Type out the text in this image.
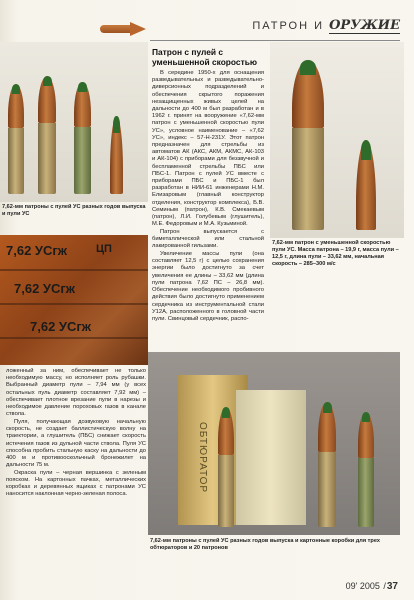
ПАТРОН И ОРУЖИЕ
7,62-мм патроны с пулей УС разных годов выпуска и пули УС
Патрон с пулей с уменьшенной скоростью

В середине 1950-х для оснащения разведывательных и разведывательно-диверсионных подразделений и обеспечения скрытого поражения незащищенных живых целей на дальности до 400 м был разработан и в 1962 г. принят на вооружение «7,62-мм патрон с уменьшенной скоростью пули УС», условное наименование – «7,62 УС», индекс – 57-Н-231У. Этот патрон предназначен для стрельбы из автоматов АК (АКС, АКМ, АКМС, АК-103 и АК-104) с приборами для беззвучной и беспламенной стрельбы ПБС или ПБС-1. Патрон с пулей УС вместе с приборами ПБС и ПБС-1 был разработан в НИИ-61 инженерами Н.М. Елизаровым (главный конструктор отделения, конструктор комплекса), Б.В. Семиным (патрон), К.В. Смекаевым (патрон), Л.И. Голубевым (глушитель), М.Е. Федоровым и М.А. Кузьминой.

Патрон выпускается с биметаллической или стальной лакированной гильзами.

Увеличение массы пули (она составляет 12,5 г) с целью сохранения энергии было достигнуто за счет увеличения ее длины – 33,62 мм (длина пули патрона 7,62 ПС – 26,8 мм). Обеспечение необходимого пробивного действия было достигнуто применением сердечника из инструментальной стали У12А, расположенного в головной части пули. Свинцовый сердечник, распо-

7,62-мм патрон с уменьшенной скоростью пули УС. Масса патрона – 19,9 г, масса пули – 12,5 г, длина пули – 33,62 мм, начальная скорость – 285–300 м/с
7,62 УСгж	ЦП
7,62 УСгж
7,62 УСгж

ложенный за ним, обеспечивает не только необходимую массу, но исполняет роль рубашки. Выбранный диаметр пули – 7,94 мм (у всех остальных пуль диаметр составляет 7,92 мм) – обеспечивает плотное врезание пули в нарезы и необходимое давление пороховых газов в канале ствола.

Пуля, получающая дозвуковую начальную скорость, не создает баллистическую волну на траектории, а глушитель (ПБС) снижает скорость истечения газов из дульной части ствола. Пуля УС способна пробить стальную каску на дальности до 400 м и противооскольчный бронежилет на дальности 75 м.

Окраска пули – черная вершинка с зеленым пояском. На картонных пачках, металлических коробках и деревянных ящиках с патронами УС наносится наклонная черно-зеленая полоса.

ОБТЮРАТОР
7,62-мм патроны с пулей УС разных годов выпуска и картонные коробки для трех обтюраторов и 20 патронов
09' 2005 /37
